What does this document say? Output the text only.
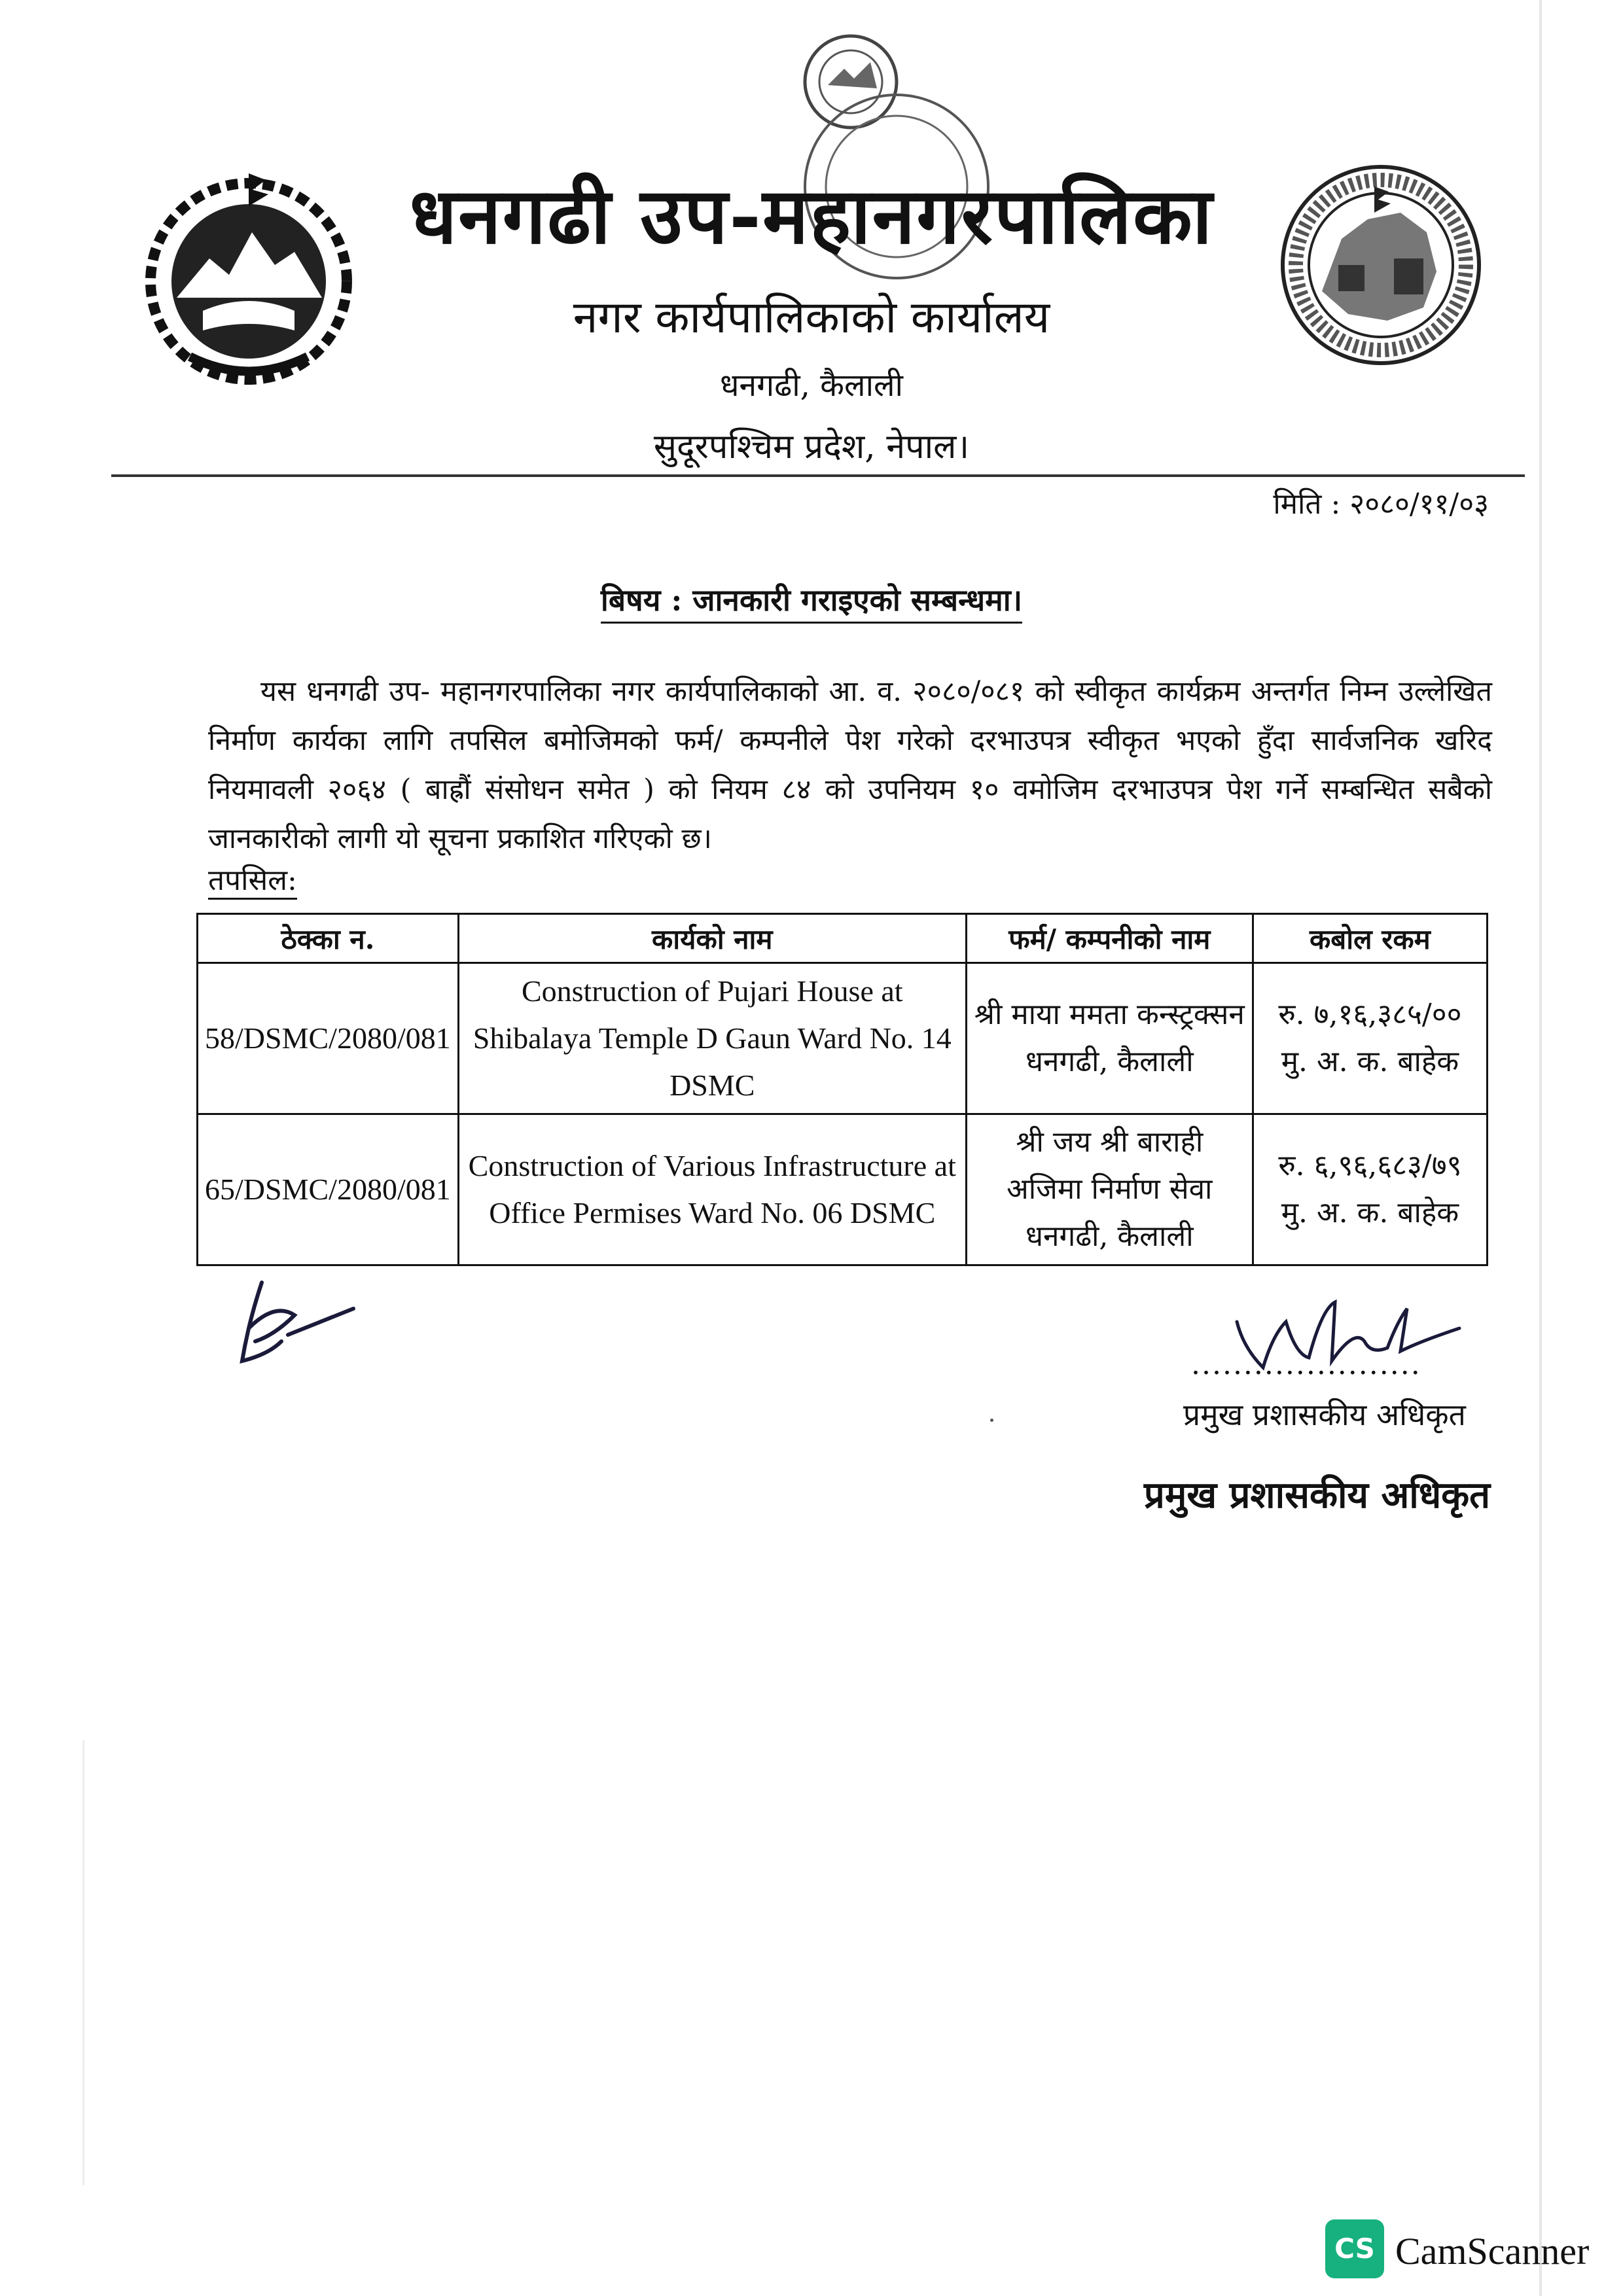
धनगढी उप-महानगरपालिका
नगर कार्यपालिकाको कार्यालय
धनगढी, कैलाली
सुदूरपश्चिम प्रदेश, नेपाल।
मिति : २०८०/११/०३
बिषय : जानकारी गराइएको सम्बन्धमा।
यस धनगढी उप- महानगरपालिका नगर कार्यपालिकाको आ. व. २०८०/०८१ को स्वीकृत कार्यक्रम अन्तर्गत निम्न उल्लेखित निर्माण कार्यका लागि तपसिल बमोजिमको फर्म/ कम्पनीले पेश गरेको दरभाउपत्र स्वीकृत भएको हुँदा सार्वजनिक खरिद नियमावली २०६४ ( बाह्रौं संसोधन समेत ) को नियम ८४ को उपनियम १० वमोजिम दरभाउपत्र पेश गर्ने सम्बन्धित सबैको जानकारीको लागी यो सूचना प्रकाशित गरिएको छ।
तपसिल:
ठेक्का न.	कार्यको नाम	फर्म/ कम्पनीको नाम	कबोल रकम
58/DSMC/2080/081	Construction of Pujari House at Shibalaya Temple D Gaun Ward No. 14 DSMC	श्री माया ममता कन्स्ट्रक्सन धनगढी, कैलाली	रु. ७,१६,३८५/००
मु. अ. क. बाहेक

65/DSMC/2080/081	Construction of Various Infrastructure at Office Permises Ward No. 06 DSMC	श्री जय श्री बाराही अजिमा निर्माण सेवा धनगढी, कैलाली	रु. ६,९६,६८३/७९
मु. अ. क. बाहेक
......................
प्रमुख प्रशासकीय अधिकृत
प्रमुख प्रशासकीय अधिकृत
CS CamScanner
